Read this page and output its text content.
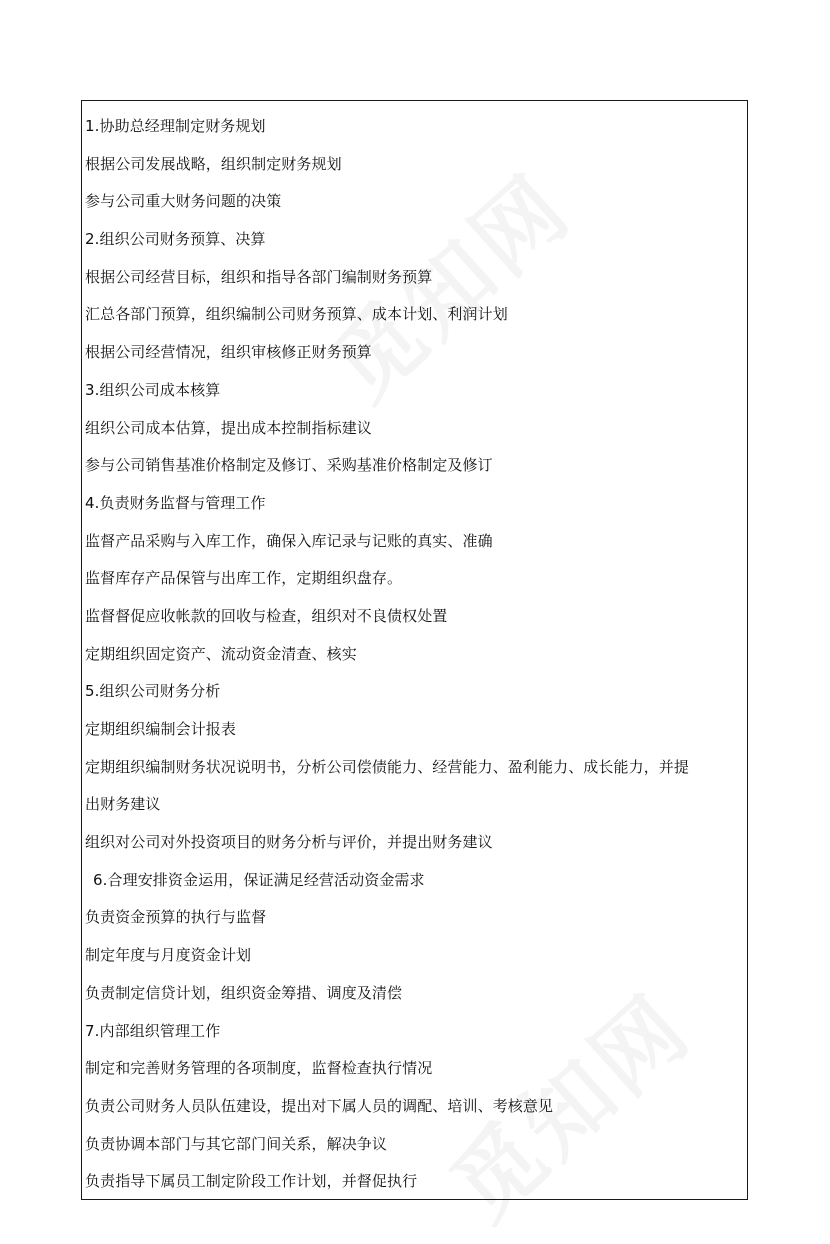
1.协助总经理制定财务规划
根据公司发展战略，组织制定财务规划
参与公司重大财务问题的决策
2.组织公司财务预算、决算
根据公司经营目标，组织和指导各部门编制财务预算
汇总各部门预算，组织编制公司财务预算、成本计划、利润计划
根据公司经营情况，组织审核修正财务预算
3.组织公司成本核算
组织公司成本估算，提出成本控制指标建议
参与公司销售基准价格制定及修订、采购基准价格制定及修订
4.负责财务监督与管理工作
监督产品采购与入库工作，确保入库记录与记账的真实、准确
监督库存产品保管与出库工作，定期组织盘存。
监督督促应收帐款的回收与检查，组织对不良债权处置
定期组织固定资产、流动资金清查、核实
5.组织公司财务分析
定期组织编制会计报表
定期组织编制财务状况说明书，分析公司偿债能力、经营能力、盈利能力、成长能力，并提
出财务建议
组织对公司对外投资项目的财务分析与评价，并提出财务建议
6.合理安排资金运用，保证满足经营活动资金需求
负责资金预算的执行与监督
制定年度与月度资金计划
负责制定信贷计划，组织资金筹措、调度及清偿
7.内部组织管理工作
制定和完善财务管理的各项制度，监督检查执行情况
负责公司财务人员队伍建设，提出对下属人员的调配、培训、考核意见
负责协调本部门与其它部门间关系，解决争议
负责指导下属员工制定阶段工作计划，并督促执行
